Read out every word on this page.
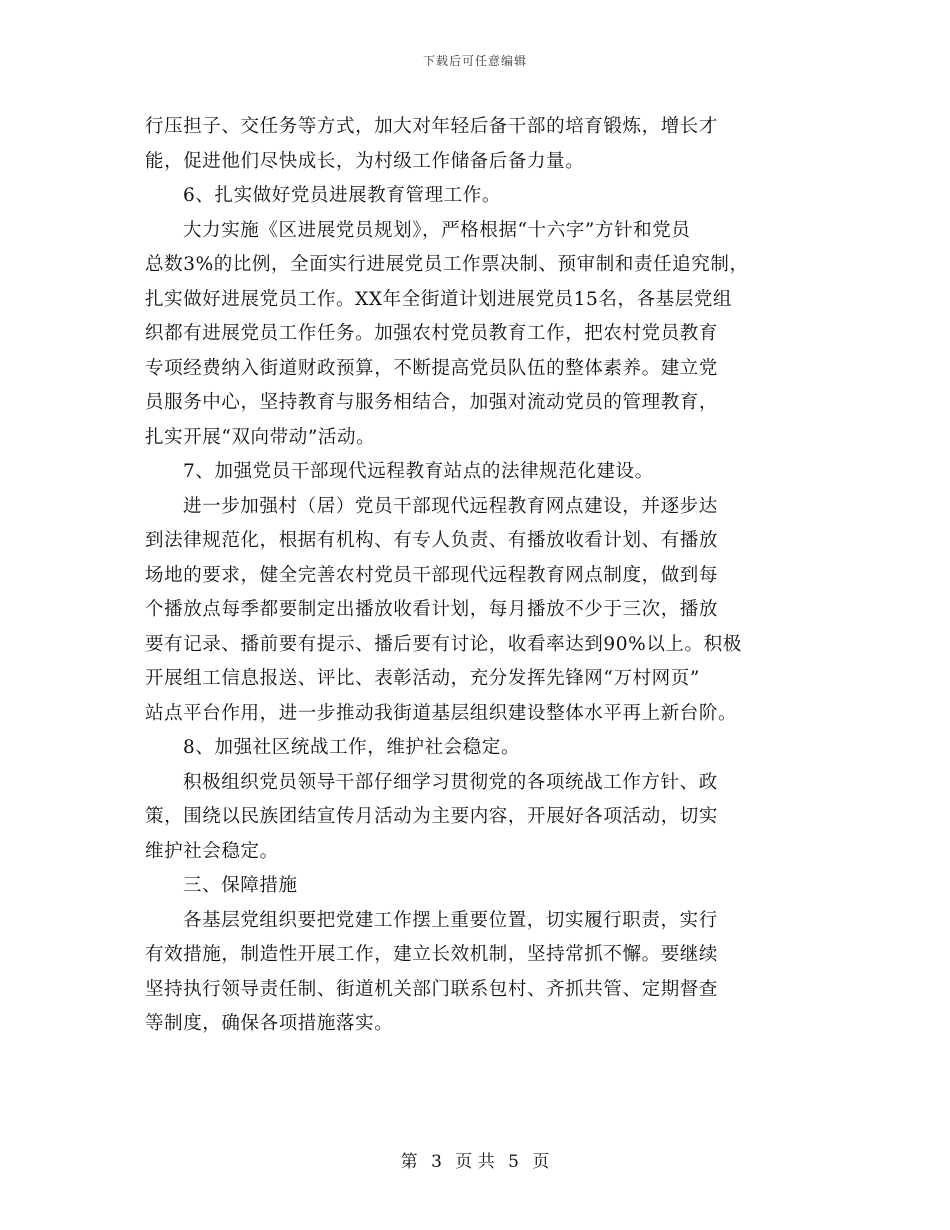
下载后可任意编辑
行压担子、交任务等方式，加大对年轻后备干部的培育锻炼，增长才
能，促进他们尽快成长，为村级工作储备后备力量。
6、扎实做好党员进展教育管理工作。
大力实施《区进展党员规划》，严格根据“十六字”方针和党员
总数3%的比例，全面实行进展党员工作票决制、预审制和责任追究制，
扎实做好进展党员工作。XX年全街道计划进展党员15名，各基层党组
织都有进展党员工作任务。加强农村党员教育工作，把农村党员教育
专项经费纳入街道财政预算，不断提高党员队伍的整体素养。建立党
员服务中心，坚持教育与服务相结合，加强对流动党员的管理教育，
扎实开展“双向带动”活动。
7、加强党员干部现代远程教育站点的法律规范化建设。
进一步加强村（居）党员干部现代远程教育网点建设，并逐步达
到法律规范化，根据有机构、有专人负责、有播放收看计划、有播放
场地的要求，健全完善农村党员干部现代远程教育网点制度，做到每
个播放点每季都要制定出播放收看计划，每月播放不少于三次，播放
要有记录、播前要有提示、播后要有讨论，收看率达到90%以上。积极
开展组工信息报送、评比、表彰活动，充分发挥先锋网“万村网页”
站点平台作用，进一步推动我街道基层组织建设整体水平再上新台阶。
8、加强社区统战工作，维护社会稳定。
积极组织党员领导干部仔细学习贯彻党的各项统战工作方针、政
策，围绕以民族团结宣传月活动为主要内容，开展好各项活动，切实
维护社会稳定。
三、保障措施
各基层党组织要把党建工作摆上重要位置，切实履行职责，实行
有效措施，制造性开展工作，建立长效机制，坚持常抓不懈。要继续
坚持执行领导责任制、街道机关部门联系包村、齐抓共管、定期督查
等制度，确保各项措施落实。
第 3 页 共 5 页
